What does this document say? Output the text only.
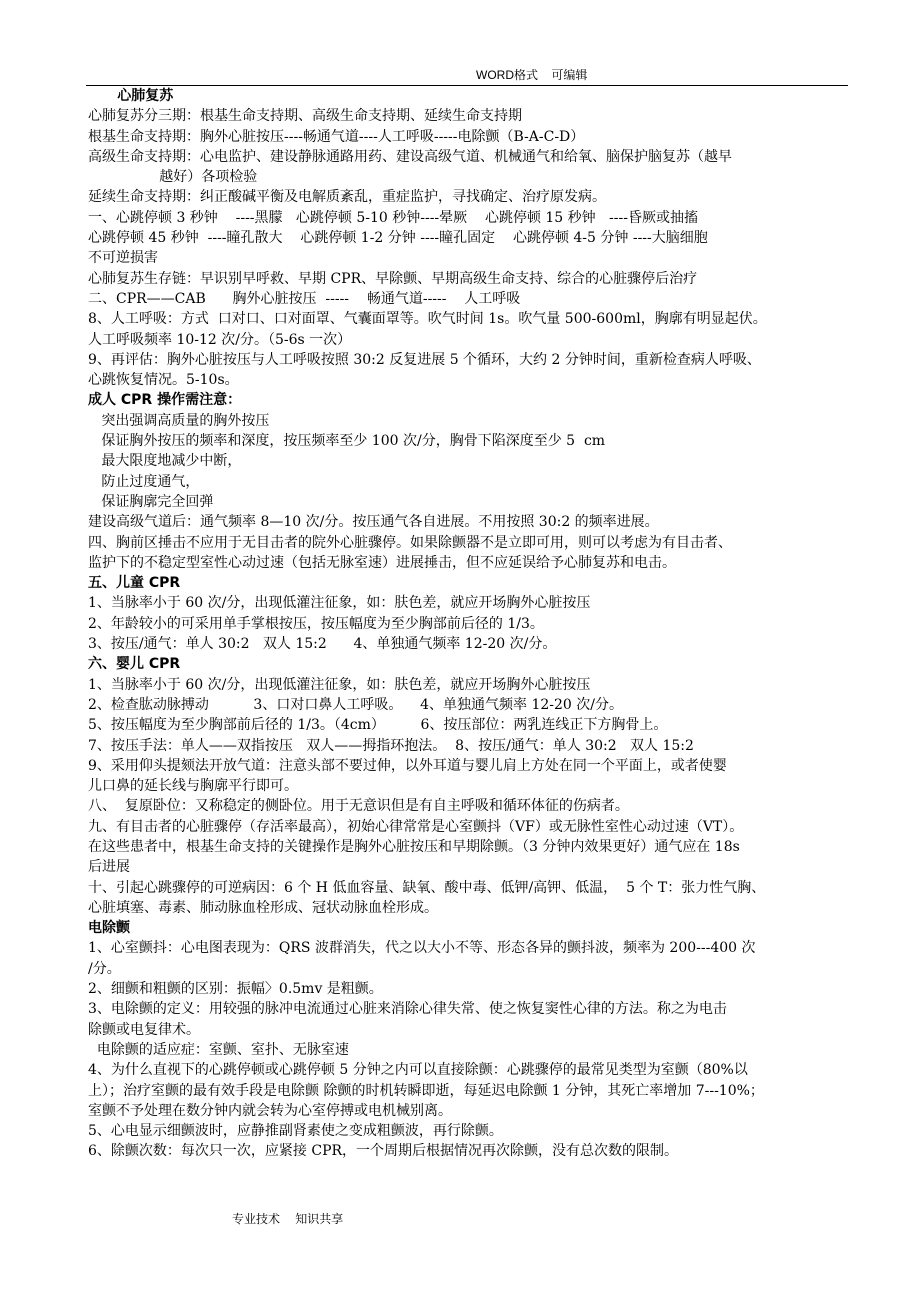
WORD格式    可编辑
心肺复苏
心肺复苏分三期：根基生命支持期、高级生命支持期、延续生命支持期
根基生命支持期：胸外心脏按压----畅通气道----人工呼吸-----电除颤（B-A-C-D）
高级生命支持期：心电监护、建设静脉通路用药、建设高级气道、机械通气和给氧、脑保护脑复苏（越早
越好）各项检验
延续生命支持期：纠正酸碱平衡及电解质紊乱，重症监护，寻找确定、治疗原发病。
一、心跳停顿 3 秒钟    ----黑朦   心跳停顿 5-10 秒钟----晕厥    心跳停顿 15 秒钟   ----昏厥或抽搐
心跳停顿 45 秒钟  ----瞳孔散大    心跳停顿 1-2 分钟 ----瞳孔固定    心跳停顿 4-5 分钟 ----大脑细胞
不可逆损害
心肺复苏生存链：早识别早呼救、早期 CPR、早除颤、早期高级生命支持、综合的心脏骤停后治疗
二、CPR——CAB      胸外心脏按压  -----    畅通气道-----    人工呼吸
8、人工呼吸：方式  口对口、口对面罩、气囊面罩等。吹气时间 1s。吹气量 500-600ml，胸廓有明显起伏。
人工呼吸频率 10-12 次/分。（5-6s 一次）
9、再评估：胸外心脏按压与人工呼吸按照 30:2 反复进展 5 个循环，大约 2 分钟时间，重新检查病人呼吸、
心跳恢复情况。5-10s。
成人 CPR 操作需注意：
突出强调高质量的胸外按压
保证胸外按压的频率和深度，按压频率至少 100 次/分，胸骨下陷深度至少 5  cm
最大限度地减少中断，
防止过度通气，
保证胸廓完全回弹
建设高级气道后：通气频率 8—10 次/分。按压通气各自进展。不用按照 30:2 的频率进展。
四、胸前区捶击不应用于无目击者的院外心脏骤停。如果除颤器不是立即可用，则可以考虑为有目击者、
监护下的不稳定型室性心动过速（包括无脉室速）进展捶击，但不应延误给予心肺复苏和电击。
五、儿童 CPR
1、当脉率小于 60 次/分，出现低灌注征象，如：肤色差，就应开场胸外心脏按压
2、年龄较小的可采用单手掌根按压，按压幅度为至少胸部前后径的 1/3。
3、按压/通气：单人 30:2   双人 15:2      4、单独通气频率 12-20 次/分。
六、婴儿 CPR
1、当脉率小于 60 次/分，出现低灌注征象，如：肤色差，就应开场胸外心脏按压
2、检查肱动脉搏动          3、口对口鼻人工呼吸。    4、单独通气频率 12-20 次/分。
5、按压幅度为至少胸部前后径的 1/3。（4cm）        6、按压部位：两乳连线正下方胸骨上。
7、按压手法：单人——双指按压   双人——拇指环抱法。  8、按压/通气：单人 30:2   双人 15:2
9、采用仰头提颏法开放气道：注意头部不要过伸，以外耳道与婴儿肩上方处在同一个平面上，或者使婴
儿口鼻的延长线与胸廓平行即可。
八、  复原卧位：又称稳定的侧卧位。用于无意识但是有自主呼吸和循环体征的伤病者。
九、有目击者的心脏骤停（存活率最高），初始心律常常是心室颤抖（VF）或无脉性室性心动过速（VT）。
在这些患者中，根基生命支持的关键操作是胸外心脏按压和早期除颤。（3 分钟内效果更好）通气应在 18s
后进展
十、引起心跳骤停的可逆病因：6 个 H 低血容量、缺氧、酸中毒、低钾/高钾、低温，  5 个 T：张力性气胸、
心脏填塞、毒素、肺动脉血栓形成、冠状动脉血栓形成。
电除颤
1、心室颤抖：心电图表现为：QRS 波群消失，代之以大小不等、形态各异的颤抖波，频率为 200---400 次
/分。
2、细颤和粗颤的区别：振幅〉0.5mv 是粗颤。
3、电除颤的定义：用较强的脉冲电流通过心脏来消除心律失常、使之恢复窦性心律的方法。称之为电击
除颤或电复律术。
电除颤的适应症：室颤、室扑、无脉室速
4、为什么直视下的心跳停顿或心跳停顿 5 分钟之内可以直接除颤：心跳骤停的最常见类型为室颤（80%以
上）；治疗室颤的最有效手段是电除颤 除颤的时机转瞬即逝，每延迟电除颤 1 分钟，其死亡率增加 7---10%；
室颤不予处理在数分钟内就会转为心室停搏或电机械别离。
5、心电显示细颤波时，应静推副肾素使之变成粗颤波，再行除颤。
6、除颤次数：每次只一次，应紧接 CPR，一个周期后根据情况再次除颤，没有总次数的限制。
专业技术    知识共享
